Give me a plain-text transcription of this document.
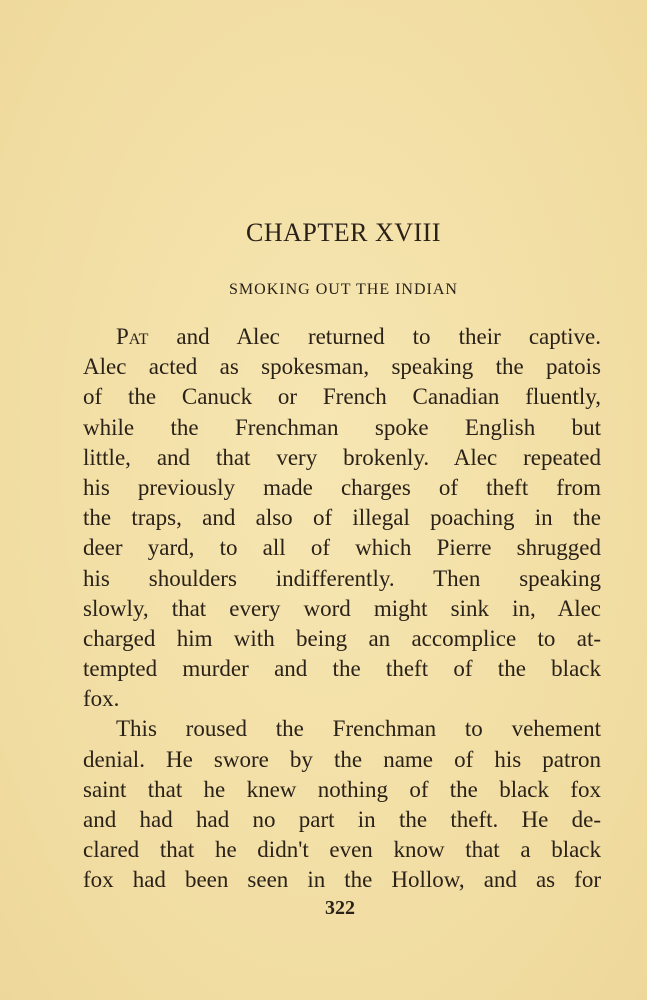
CHAPTER XVIII
SMOKING OUT THE INDIAN
Pat and Alec returned to their captive.
Alec acted as spokesman, speaking the patois
of the Canuck or French Canadian fluently,
while the Frenchman spoke English but
little, and that very brokenly. Alec repeated
his previously made charges of theft from
the traps, and also of illegal poaching in the
deer yard, to all of which Pierre shrugged
his shoulders indifferently. Then speaking
slowly, that every word might sink in, Alec
charged him with being an accomplice to at-
tempted murder and the theft of the black
fox.
This roused the Frenchman to vehement
denial. He swore by the name of his patron
saint that he knew nothing of the black fox
and had had no part in the theft. He de-
clared that he didn't even know that a black
fox had been seen in the Hollow, and as for
322
